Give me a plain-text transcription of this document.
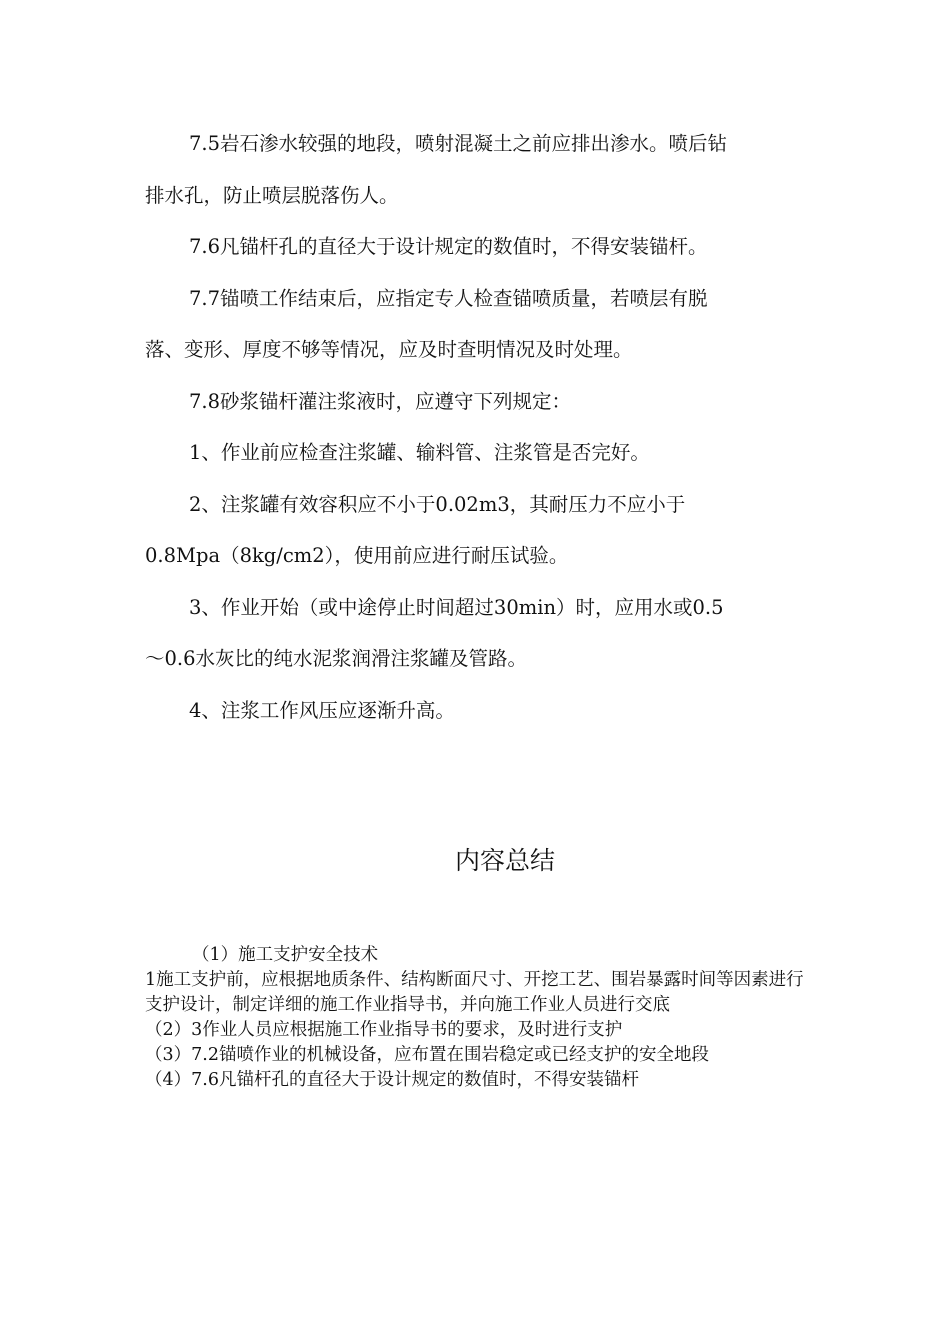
7.5岩石渗水较强的地段，喷射混凝土之前应排出渗水。喷后钻

排水孔，防止喷层脱落伤人。

7.6凡锚杆孔的直径大于设计规定的数值时，不得安装锚杆。

7.7锚喷工作结束后，应指定专人检查锚喷质量，若喷层有脱

落、变形、厚度不够等情况，应及时查明情况及时处理。

7.8砂浆锚杆灌注浆液时，应遵守下列规定：

1、作业前应检查注浆罐、输料管、注浆管是否完好。

2、注浆罐有效容积应不小于0.02m3，其耐压力不应小于

0.8Mpa（8kg/cm2），使用前应进行耐压试验。

3、作业开始（或中途停止时间超过30min）时，应用水或0.5

～0.6水灰比的纯水泥浆润滑注浆罐及管路。

4、注浆工作风压应逐渐升高。

内容总结

（1）施工支护安全技术

1施工支护前，应根据地质条件、结构断面尺寸、开挖工艺、围岩暴露时间等因素进行支护设计，制定详细的施工作业指导书，并向施工作业人员进行交底

（2）3作业人员应根据施工作业指导书的要求，及时进行支护

（3）7.2锚喷作业的机械设备，应布置在围岩稳定或已经支护的安全地段

（4）7.6凡锚杆孔的直径大于设计规定的数值时，不得安装锚杆
